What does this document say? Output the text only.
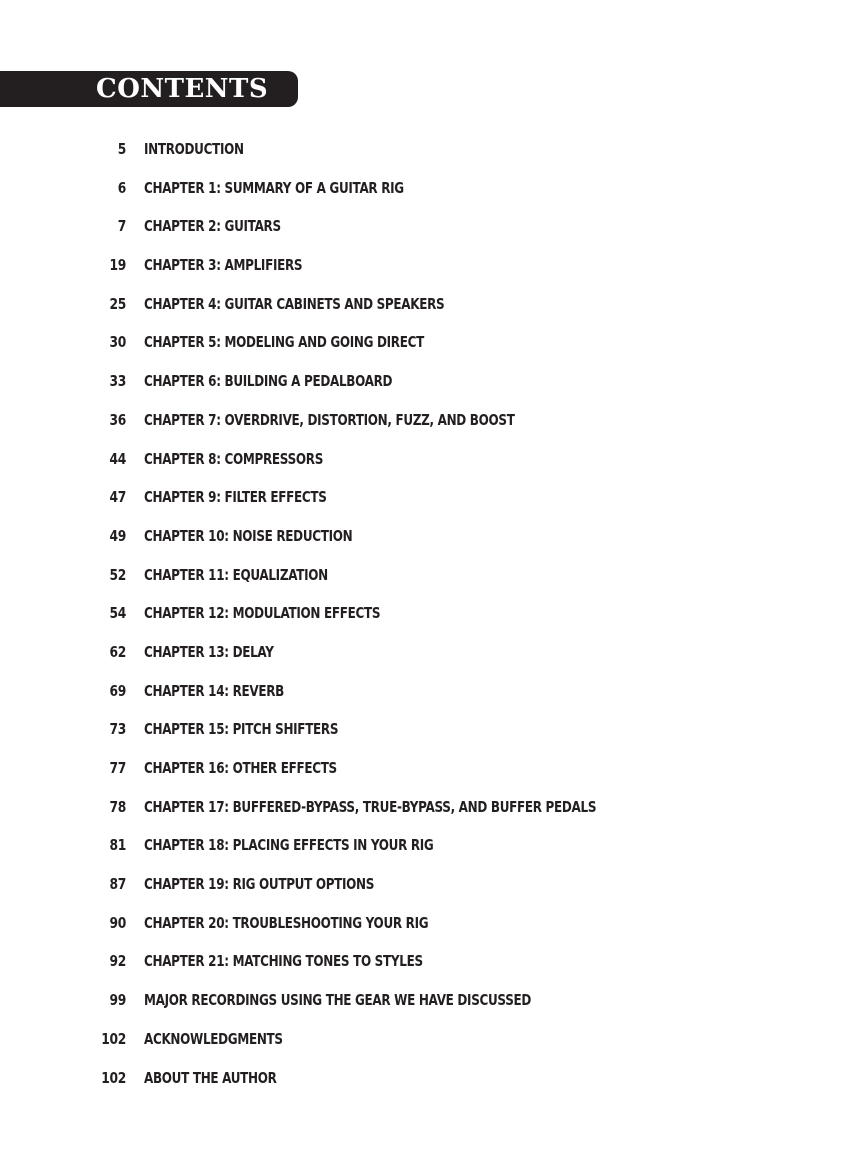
CONTENTS
5 INTRODUCTION
6 CHAPTER 1: SUMMARY OF A GUITAR RIG
7 CHAPTER 2: GUITARS
19 CHAPTER 3: AMPLIFIERS
25 CHAPTER 4: GUITAR CABINETS AND SPEAKERS
30 CHAPTER 5: MODELING AND GOING DIRECT
33 CHAPTER 6: BUILDING A PEDALBOARD
36 CHAPTER 7: OVERDRIVE, DISTORTION, FUZZ, AND BOOST
44 CHAPTER 8: COMPRESSORS
47 CHAPTER 9: FILTER EFFECTS
49 CHAPTER 10: NOISE REDUCTION
52 CHAPTER 11: EQUALIZATION
54 CHAPTER 12: MODULATION EFFECTS
62 CHAPTER 13: DELAY
69 CHAPTER 14: REVERB
73 CHAPTER 15: PITCH SHIFTERS
77 CHAPTER 16: OTHER EFFECTS
78 CHAPTER 17: BUFFERED-BYPASS, TRUE-BYPASS, AND BUFFER PEDALS
81 CHAPTER 18: PLACING EFFECTS IN YOUR RIG
87 CHAPTER 19: RIG OUTPUT OPTIONS
90 CHAPTER 20: TROUBLESHOOTING YOUR RIG
92 CHAPTER 21: MATCHING TONES TO STYLES
99 MAJOR RECORDINGS USING THE GEAR WE HAVE DISCUSSED
102 ACKNOWLEDGMENTS
102 ABOUT THE AUTHOR
